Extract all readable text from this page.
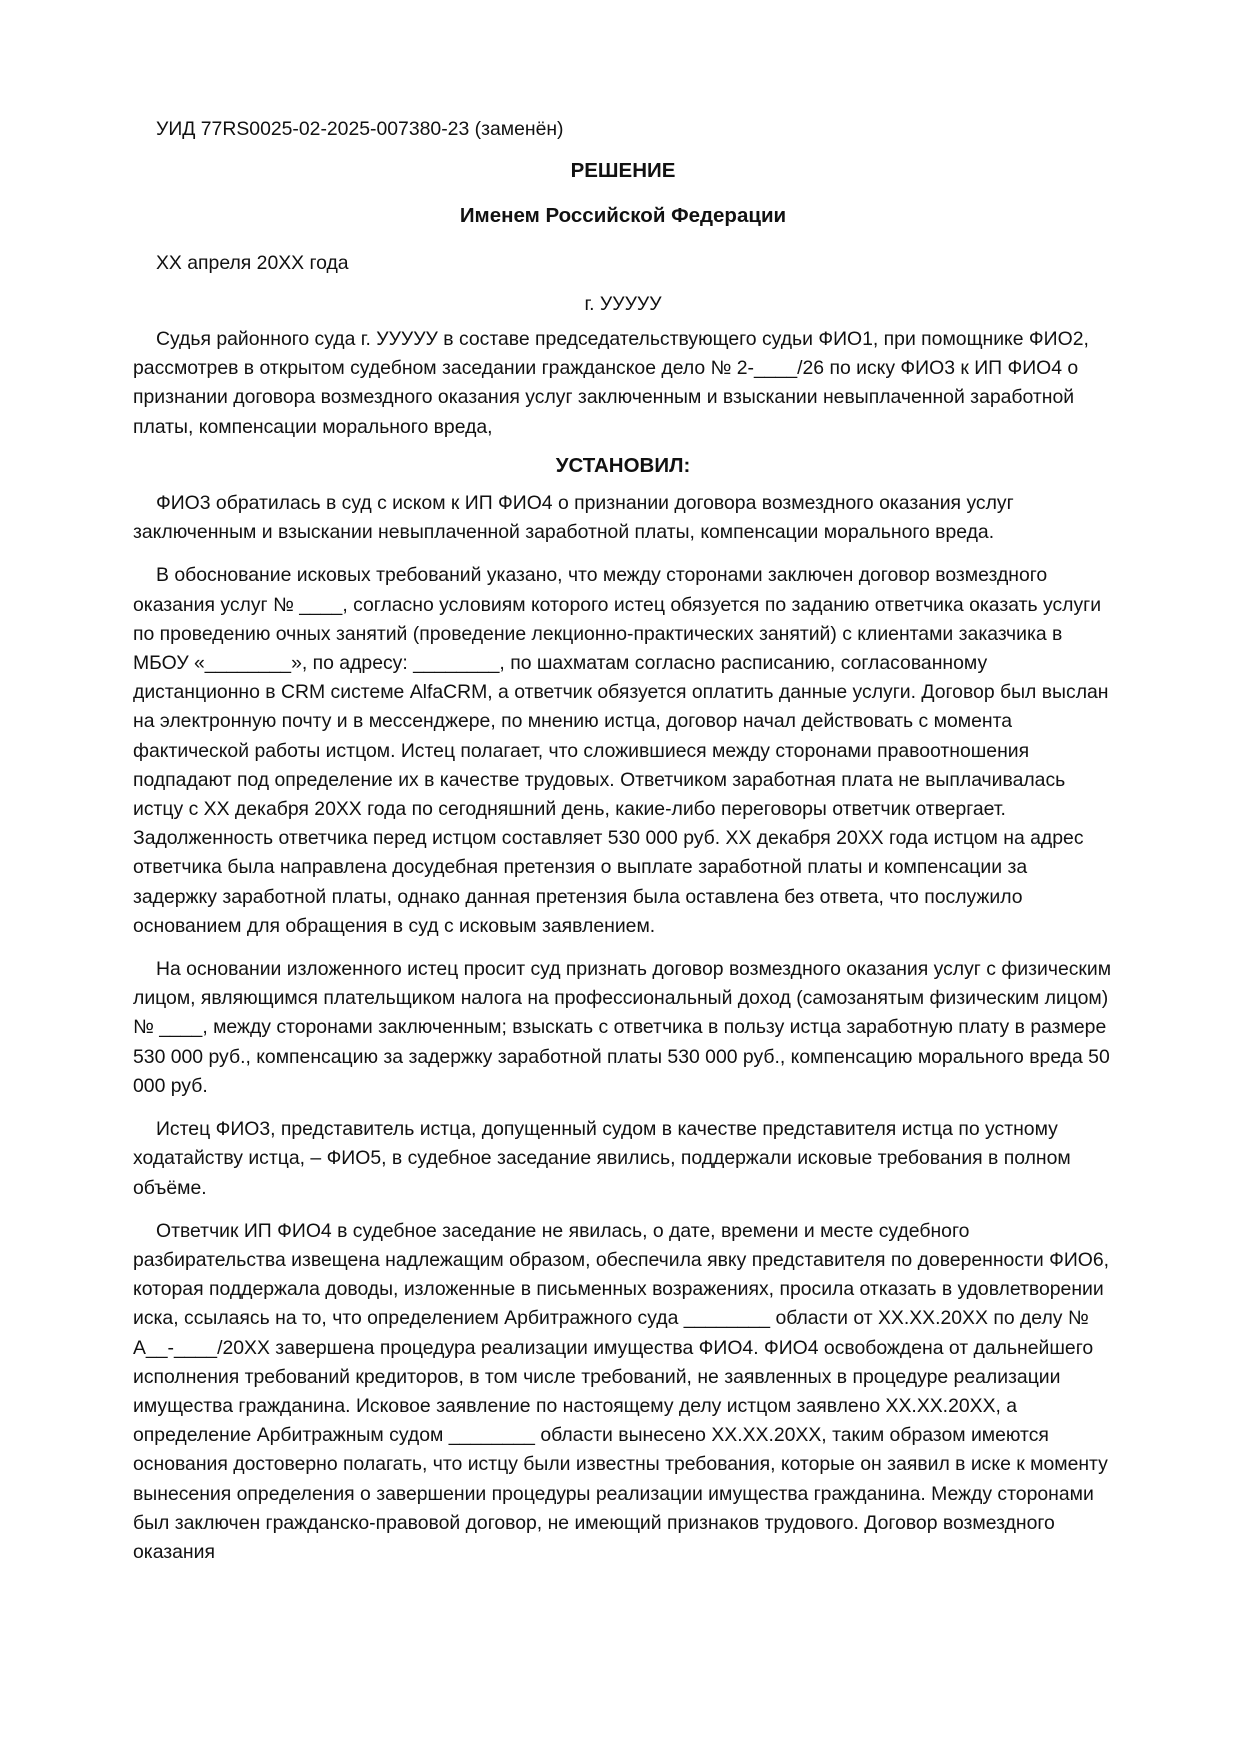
УИД 77RS0025-02-2025-007380-23 (заменён)

РЕШЕНИЕ

Именем Российской Федерации

ХХ апреля 20ХХ года

г. УУУУУ

Судья районного суда г. УУУУУ в составе председательствующего судьи ФИО1, при помощнике ФИО2, рассмотрев в открытом судебном заседании гражданское дело № 2-____/26 по иску ФИО3 к ИП ФИО4 о признании договора возмездного оказания услуг заключенным и взыскании невыплаченной заработной платы, компенсации морального вреда,

УСТАНОВИЛ:

ФИО3 обратилась в суд с иском к ИП ФИО4 о признании договора возмездного оказания услуг заключенным и взыскании невыплаченной заработной платы, компенсации морального вреда.

В обоснование исковых требований указано, что между сторонами заключен договор возмездного оказания услуг № ____, согласно условиям которого истец обязуется по заданию ответчика оказать услуги по проведению очных занятий (проведение лекционно-практических занятий) с клиентами заказчика в МБОУ «________», по адресу: ________, по шахматам согласно расписанию, согласованному дистанционно в CRM системе AlfaCRM, а ответчик обязуется оплатить данные услуги. Договор был выслан на электронную почту и в мессенджере, по мнению истца, договор начал действовать с момента фактической работы истцом. Истец полагает, что сложившиеся между сторонами правоотношения подпадают под определение их в качестве трудовых. Ответчиком заработная плата не выплачивалась истцу с ХХ декабря 20ХХ года по сегодняшний день, какие-либо переговоры ответчик отвергает. Задолженность ответчика перед истцом составляет 530 000 руб. ХХ декабря 20ХХ года истцом на адрес ответчика была направлена досудебная претензия о выплате заработной платы и компенсации за задержку заработной платы, однако данная претензия была оставлена без ответа, что послужило основанием для обращения в суд с исковым заявлением.

На основании изложенного истец просит суд признать договор возмездного оказания услуг с физическим лицом, являющимся плательщиком налога на профессиональный доход (самозанятым физическим лицом) № ____, между сторонами заключенным; взыскать с ответчика в пользу истца заработную плату в размере 530 000 руб., компенсацию за задержку заработной платы 530 000 руб., компенсацию морального вреда 50 000 руб.

Истец ФИО3, представитель истца, допущенный судом в качестве представителя истца по устному ходатайству истца, – ФИО5, в судебное заседание явились, поддержали исковые требования в полном объёме.

Ответчик ИП ФИО4 в судебное заседание не явилась, о дате, времени и месте судебного разбирательства извещена надлежащим образом, обеспечила явку представителя по доверенности ФИО6, которая поддержала доводы, изложенные в письменных возражениях, просила отказать в удовлетворении иска, ссылаясь на то, что определением Арбитражного суда ________ области от ХХ.ХХ.20ХХ по делу № А__-____/20ХХ завершена процедура реализации имущества ФИО4. ФИО4 освобождена от дальнейшего исполнения требований кредиторов, в том числе требований, не заявленных в процедуре реализации имущества гражданина. Исковое заявление по настоящему делу истцом заявлено ХХ.ХХ.20ХХ, а определение Арбитражным судом ________ области вынесено ХХ.ХХ.20ХХ, таким образом имеются основания достоверно полагать, что истцу были известны требования, которые он заявил в иске к моменту вынесения определения о завершении процедуры реализации имущества гражданина. Между сторонами был заключен гражданско-правовой договор, не имеющий признаков трудового. Договор возмездного оказания
